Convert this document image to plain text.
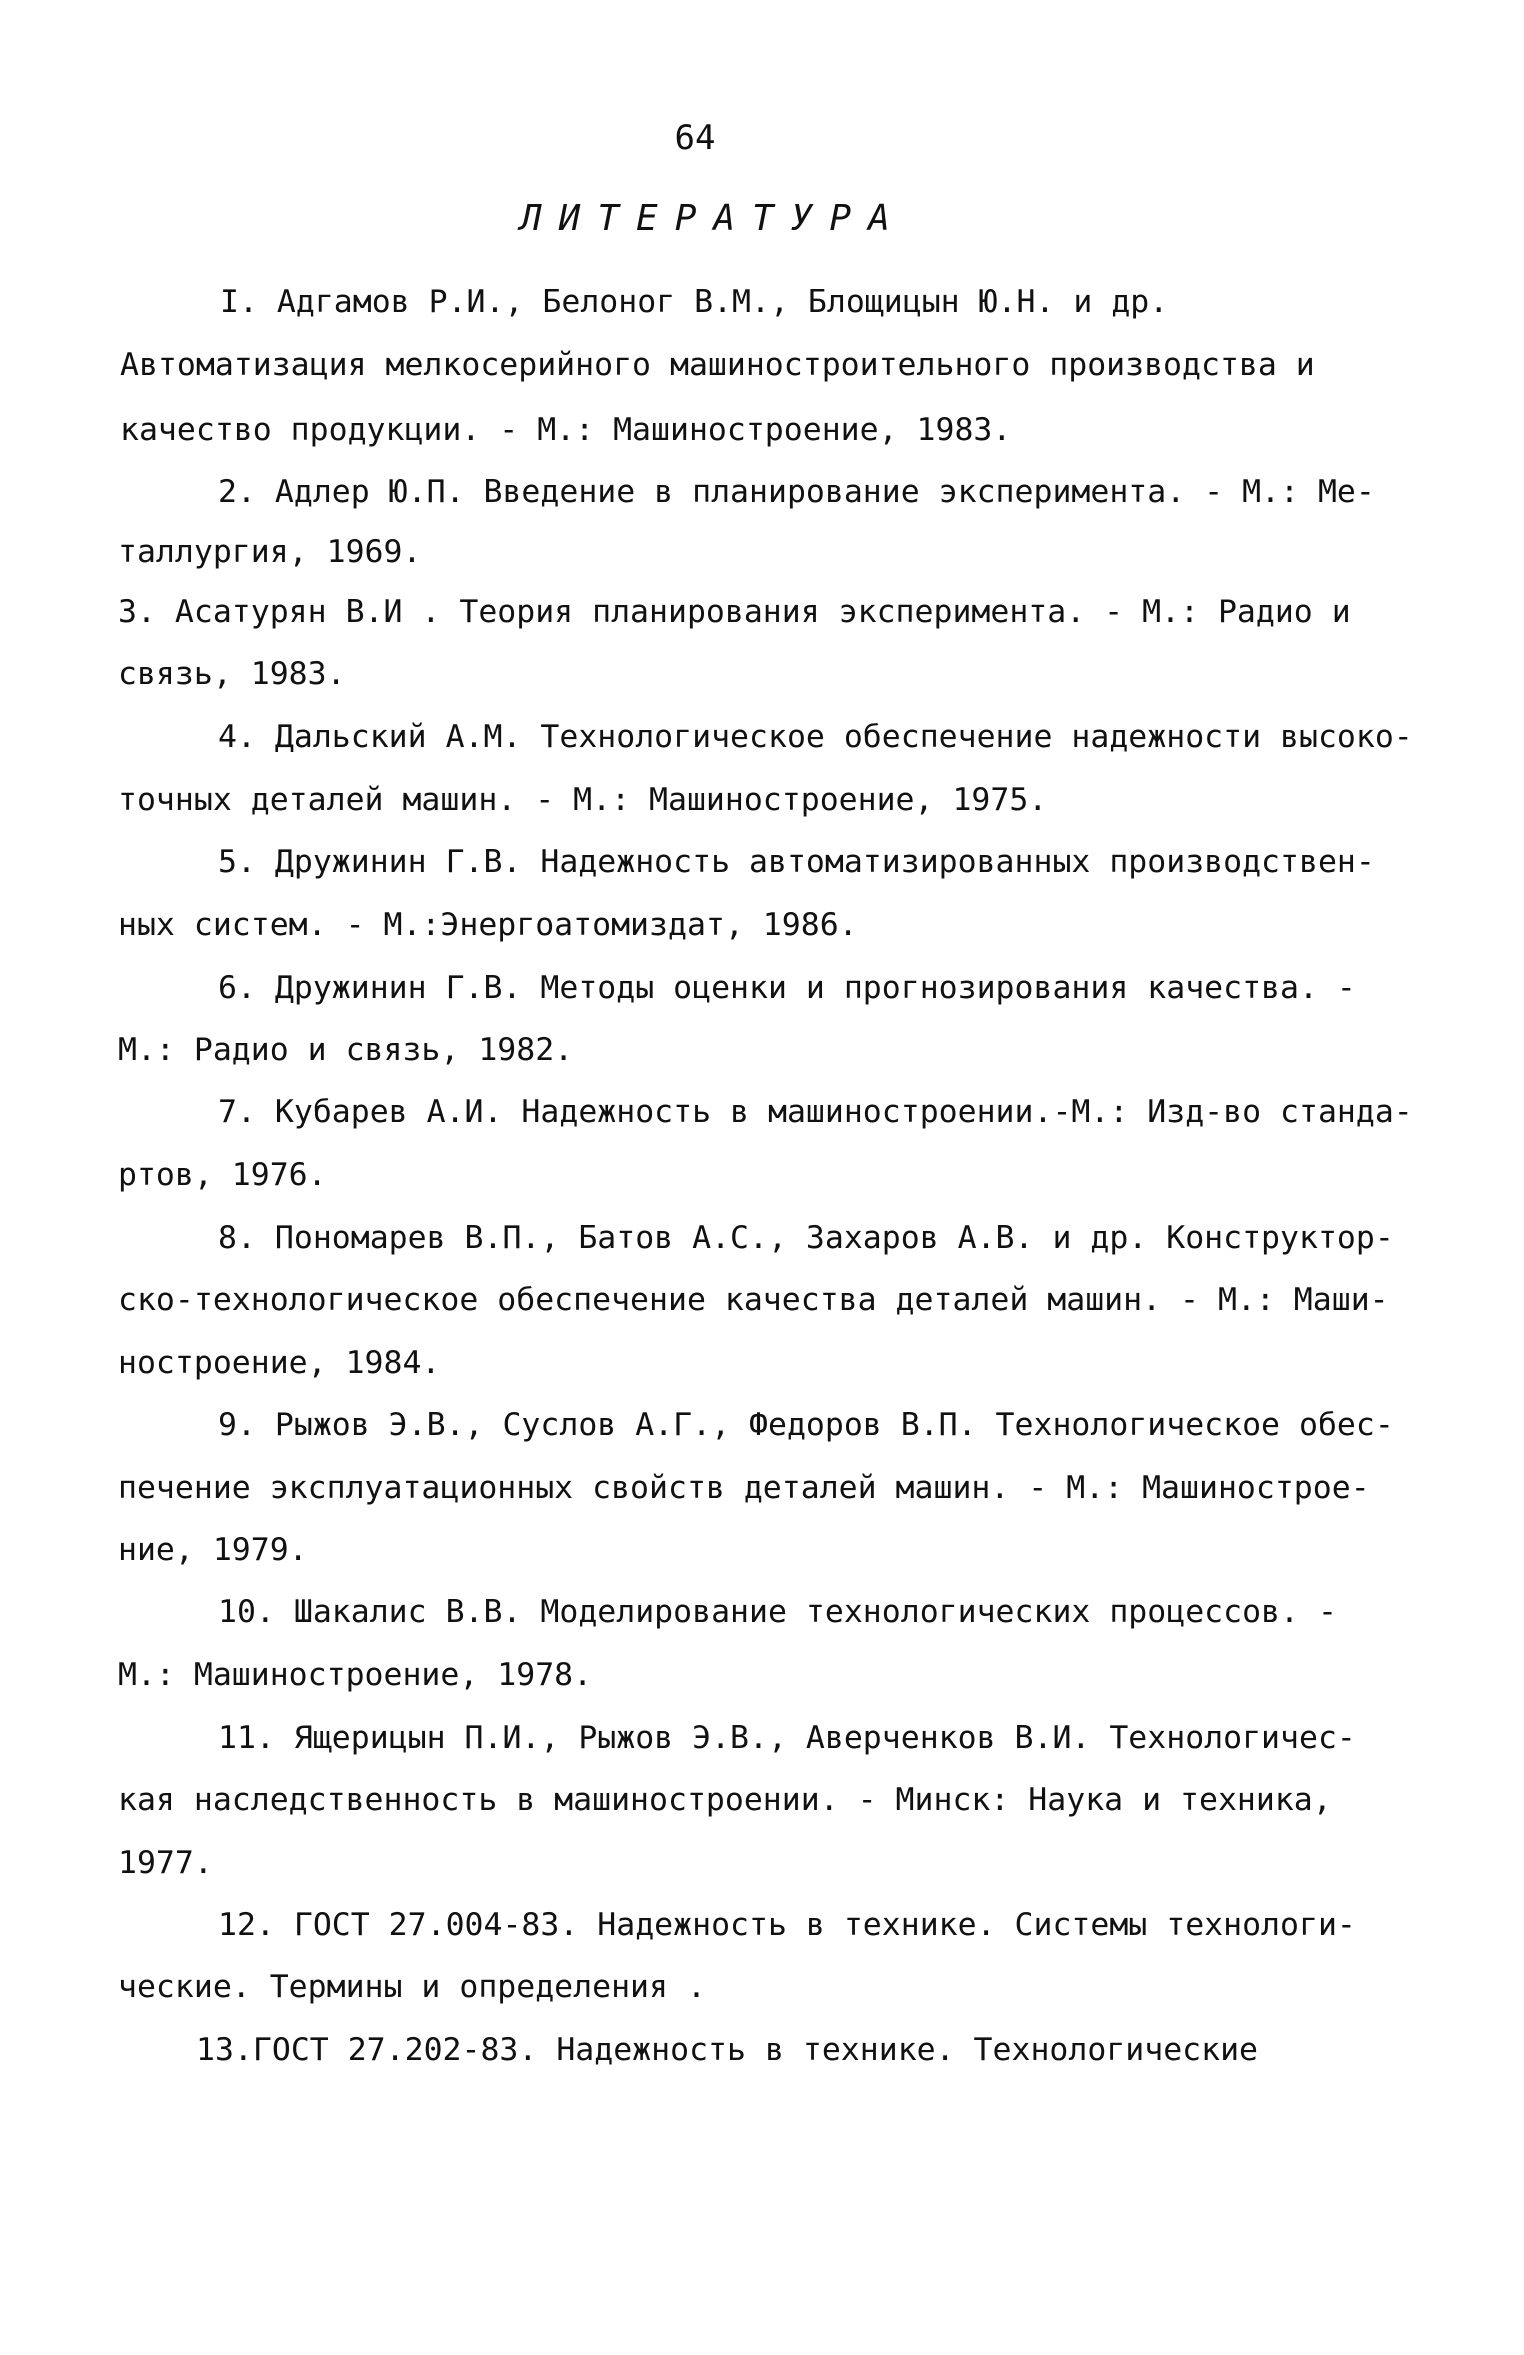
64
ЛИТЕРАТУРА
I. Адгамов Р.И., Белоног В.М., Блощицын Ю.Н. и др.
Автоматизация мелкосерийного машиностроительного производства и
качество продукции. - М.: Машиностроение, 1983.
2. Адлер Ю.П. Введение в планирование эксперимента. - М.: Ме-
таллургия, 1969.
3. Асатурян В.И . Теория планирования эксперимента. - М.: Радио и
связь, 1983.
4. Дальский А.М. Технологическое обеспечение надежности высоко-
точных деталей машин. - М.: Машиностроение, 1975.
5. Дружинин Г.В. Надежность автоматизированных производствен-
ных систем. - М.:Энергоатомиздат, 1986.
6. Дружинин Г.В. Методы оценки и прогнозирования качества. -
М.: Радио и связь, 1982.
7. Кубарев А.И. Надежность в машиностроении.-М.: Изд-во станда-
ртов, 1976.
8. Пономарев В.П., Батов А.С., Захаров А.В. и др. Конструктор-
ско-технологическое обеспечение качества деталей машин. - М.: Маши-
ностроение, 1984.
9. Рыжов Э.В., Суслов А.Г., Федоров В.П. Технологическое обес-
печение эксплуатационных свойств деталей машин. - М.: Машинострое-
ние, 1979.
10. Шакалис В.В. Моделирование технологических процессов. -
М.: Машиностроение, 1978.
11. Ящерицын П.И., Рыжов Э.В., Аверченков В.И. Технологичес-
кая наследственность в машиностроении. - Минск: Наука и техника,
1977.
12. ГОСТ 27.004-83. Надежность в технике. Системы технологи-
ческие. Термины и определения .
13.ГОСТ 27.202-83. Надежность в технике. Технологические
